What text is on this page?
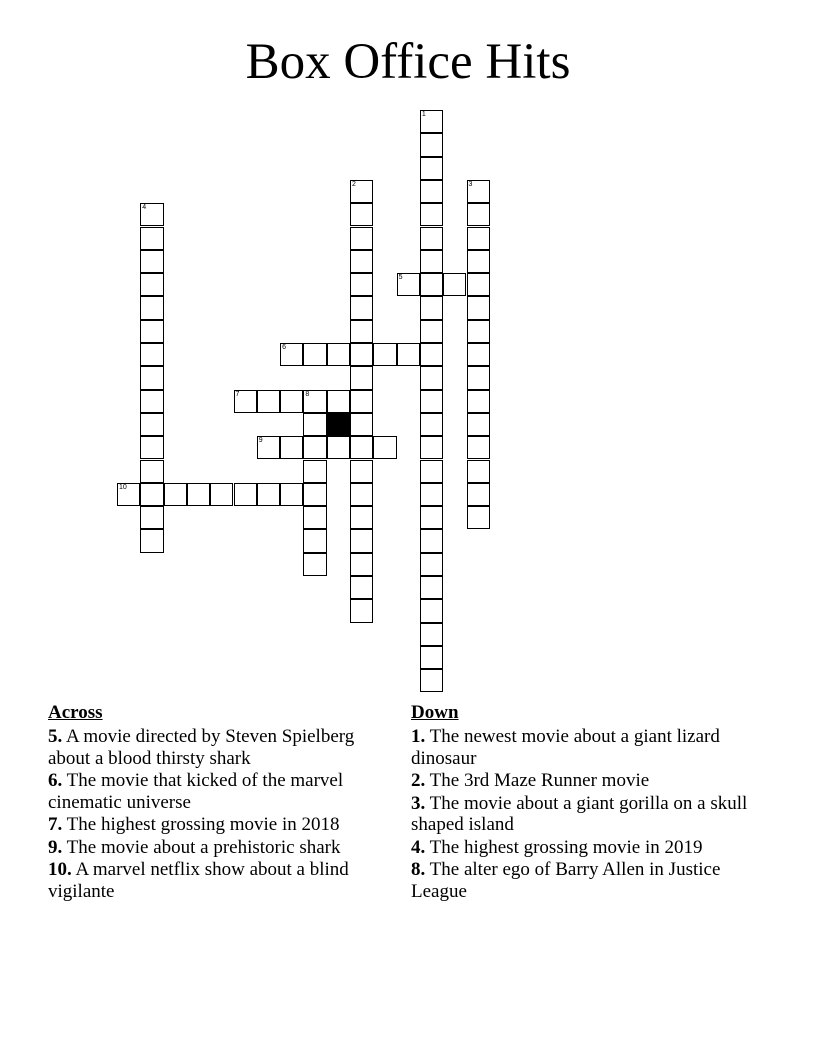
Box Office Hits
1
2	3
4
5
6
7	8
9
10
Across
5. A movie directed by Steven Spielberg about a blood thirsty shark
6. The movie that kicked of the marvel cinematic universe
7. The highest grossing movie in 2018
9. The movie about a prehistoric shark
10. A marvel netflix show about a blind vigilante
Down
1. The newest movie about a giant lizard dinosaur
2. The 3rd Maze Runner movie
3. The movie about a giant gorilla on a skull shaped island
4. The highest grossing movie in 2019
8. The alter ego of Barry Allen in Justice League
